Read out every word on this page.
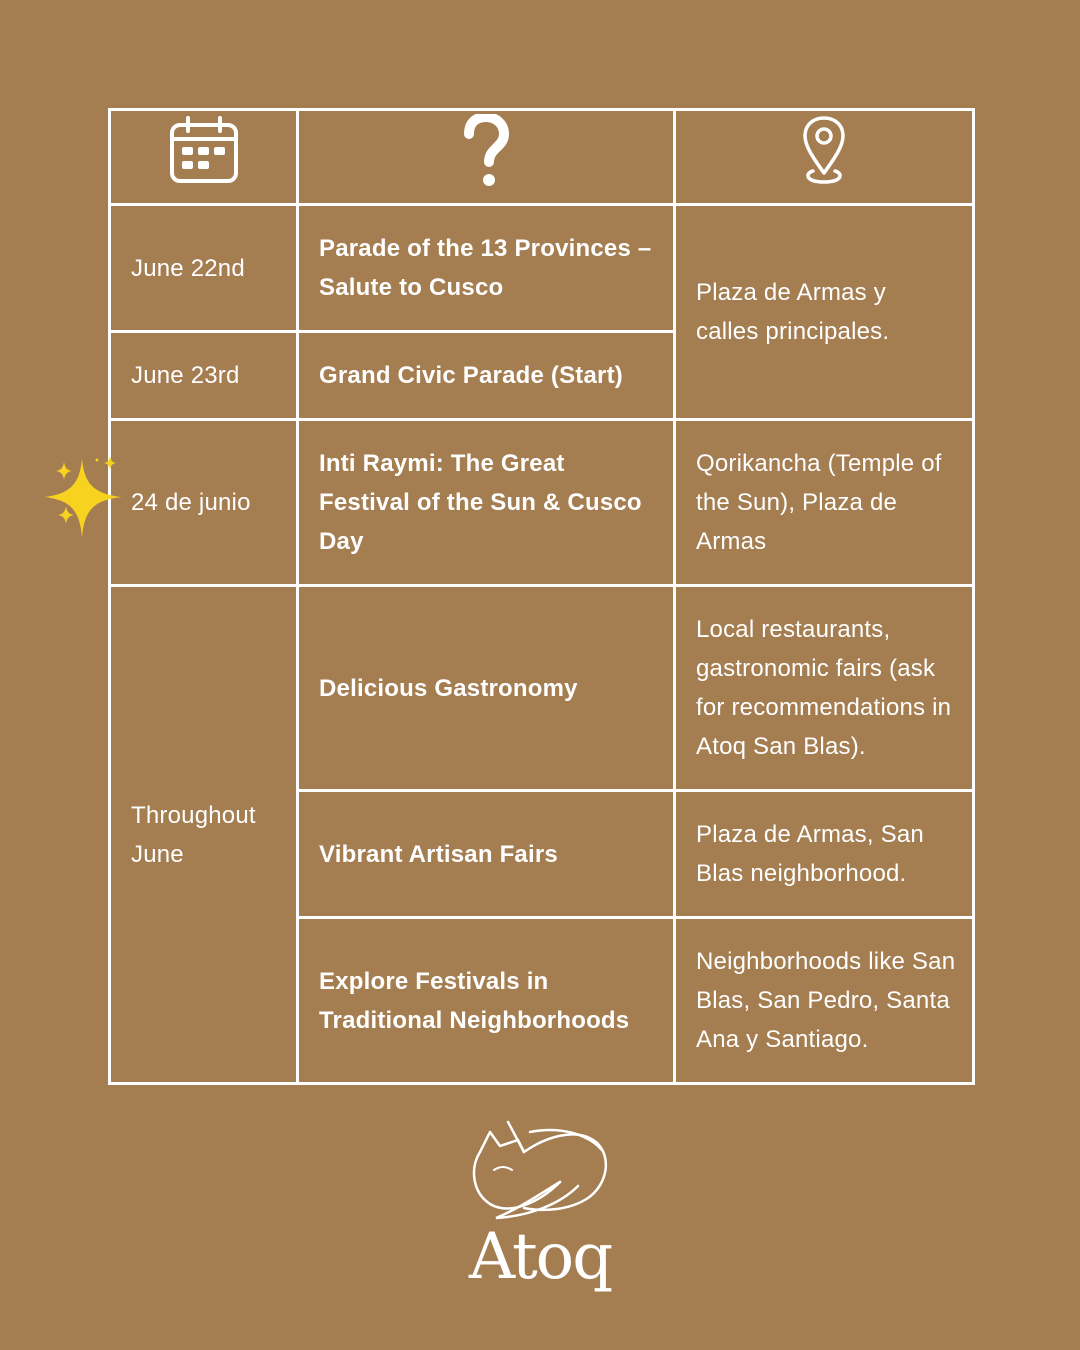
June 22nd	Parade of the 13 Provinces – Salute to Cusco	Plaza de Armas y calles principales.
June 23rd	Grand Civic Parade (Start)	
24 de junio	Inti Raymi: The Great Festival of the Sun & Cusco Day	Qorikancha (Temple of the Sun), Plaza de Armas
Throughout June	Delicious Gastronomy	Local restaurants, gastronomic fairs (ask for recommendations in Atoq San Blas).
	Vibrant Artisan Fairs	Plaza de Armas, San Blas neighborhood.
	Explore Festivals in Traditional Neighborhoods	Neighborhoods like San Blas, San Pedro, Santa Ana y Santiago.
Atoq
